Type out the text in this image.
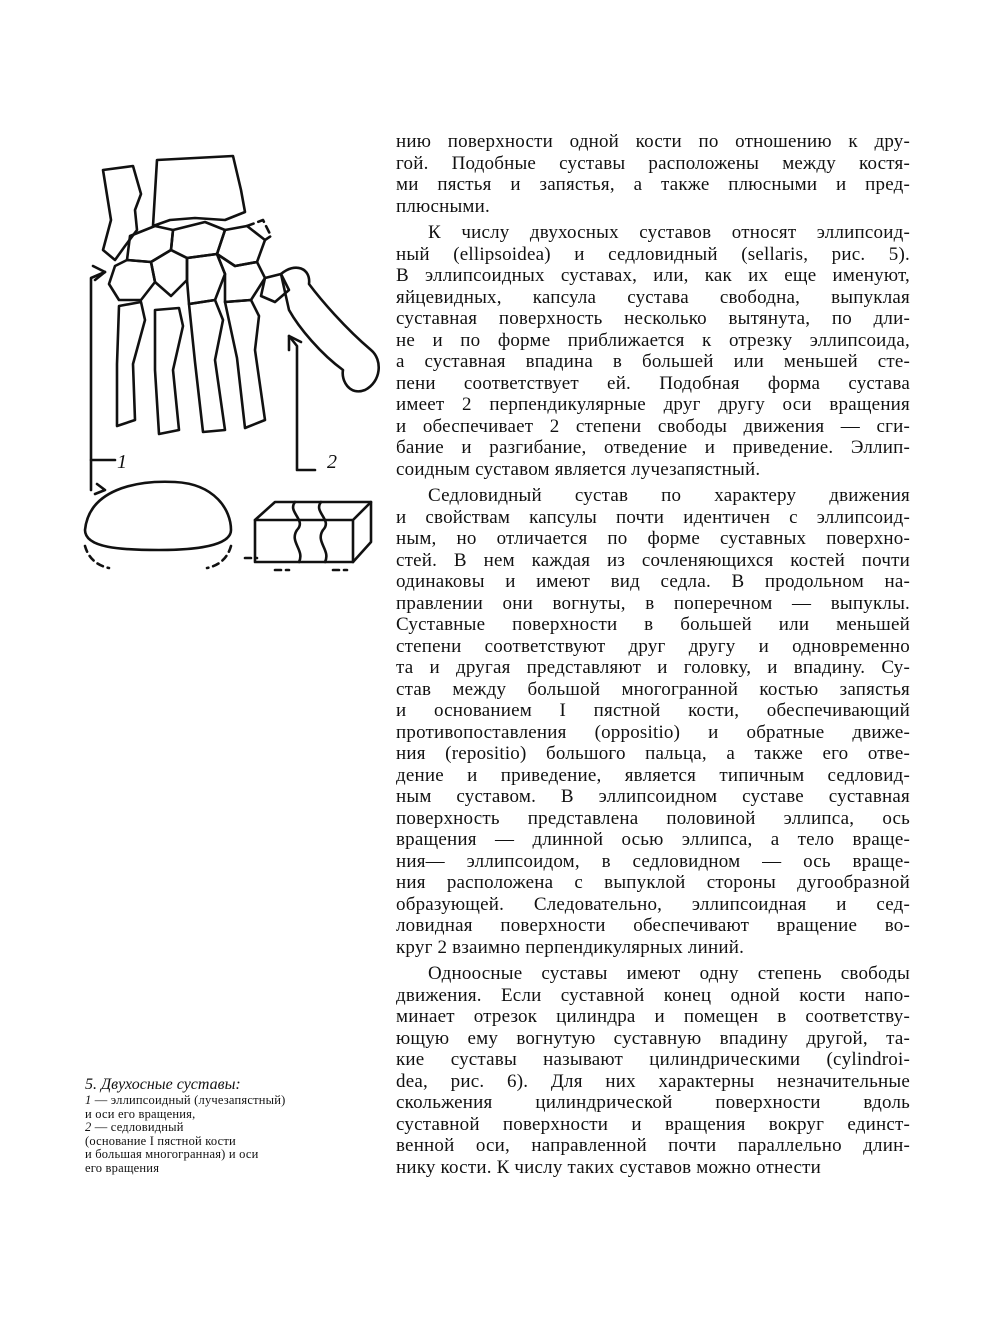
1	2
5. Двухосные суставы:
1 — эллипсоидный (лучезапястный)
и оси его вращения,
2 — седловидный
(основание I пястной кости
и большая многогранная) и оси
его вращения

нию поверхности одной кости по отношению к дру-
гой. Подобные суставы расположены между костя-
ми пястья и запястья, а также плюсными и пред-
плюсными.

К числу двухосных суставов относят эллипсоид-
ный (ellipsoidea) и седловидный (sellaris, рис. 5).
В эллипсоидных суставах, или, как их еще именуют,
яйцевидных, капсула сустава свободна, выпуклая
суставная поверхность несколько вытянута, по дли-
не и по форме приближается к отрезку эллипсоида,
а суставная впадина в большей или меньшей сте-
пени соответствует ей. Подобная форма сустава
имеет 2 перпендикулярные друг другу оси вращения
и обеспечивает 2 степени свободы движения — сги-
бание и разгибание, отведение и приведение. Эллип-
соидным суставом является лучезапястный.

Седловидный сустав по характеру движения
и свойствам капсулы почти идентичен с эллипсоид-
ным, но отличается по форме суставных поверхно-
стей. В нем каждая из сочленяющихся костей почти
одинаковы и имеют вид седла. В продольном на-
правлении они вогнуты, в поперечном — выпуклы.
Суставные поверхности в большей или меньшей
степени соответствуют друг другу и одновременно
та и другая представляют и головку, и впадину. Су-
став между большой многогранной костью запястья
и основанием I пястной кости, обеспечивающий
противопоставления (oppositio) и обратные движе-
ния (repositio) большого пальца, а также его отве-
дение и приведение, является типичным седловид-
ным суставом. В эллипсоидном суставе суставная
поверхность представлена половиной эллипса, ось
вращения — длинной осью эллипса, а тело враще-
ния— эллипсоидом, в седловидном — ось враще-
ния расположена с выпуклой стороны дугообразной
образующей. Следовательно, эллипсоидная и сед-
ловидная поверхности обеспечивают вращение во-
круг 2 взаимно перпендикулярных линий.

Одноосные суставы имеют одну степень свободы
движения. Если суставной конец одной кости напо-
минает отрезок цилиндра и помещен в соответству-
ющую ему вогнутую суставную впадину другой, та-
кие суставы называют цилиндрическими (cylindroi-
dea, рис. 6). Для них характерны незначительные
скольжения цилиндрической поверхности вдоль
суставной поверхности и вращения вокруг единст-
венной оси, направленной почти параллельно длин-
нику кости. К числу таких суставов можно отнести
